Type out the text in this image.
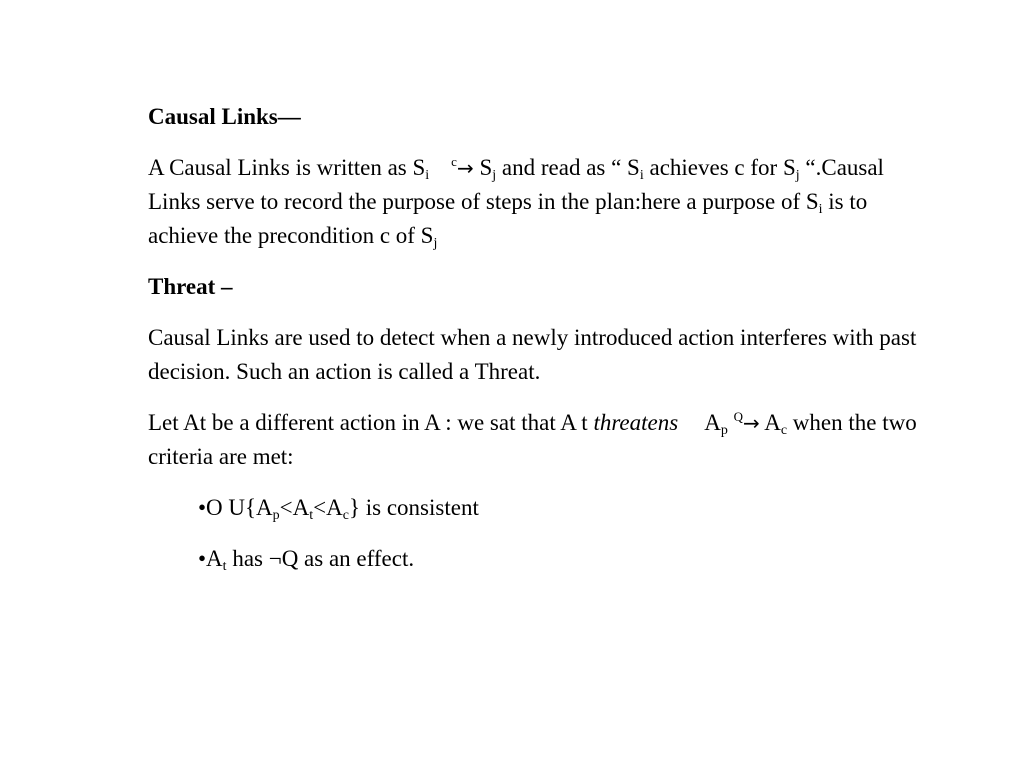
Causal Links—

A Causal Links is written as $S_i^c\to S_j$ and read as “ $S_i$ achieves c for $S_j$ “.Causal Links serve to record the purpose of steps in the plan:here a purpose of $S_i$ is to achieve the precondition c of $S_j$

Threat –

Causal Links are used to detect when a newly introduced action interferes with past decision. Such an action is called a Threat.

Let At be a different action in A : we sat that A t threatens $A_p$ $^Q\to A_c$ when the two criteria are met:

•O $U\{A_p<A_t<A_c\}$ is consistent

$•A_t$ has ¬Q as an effect.
